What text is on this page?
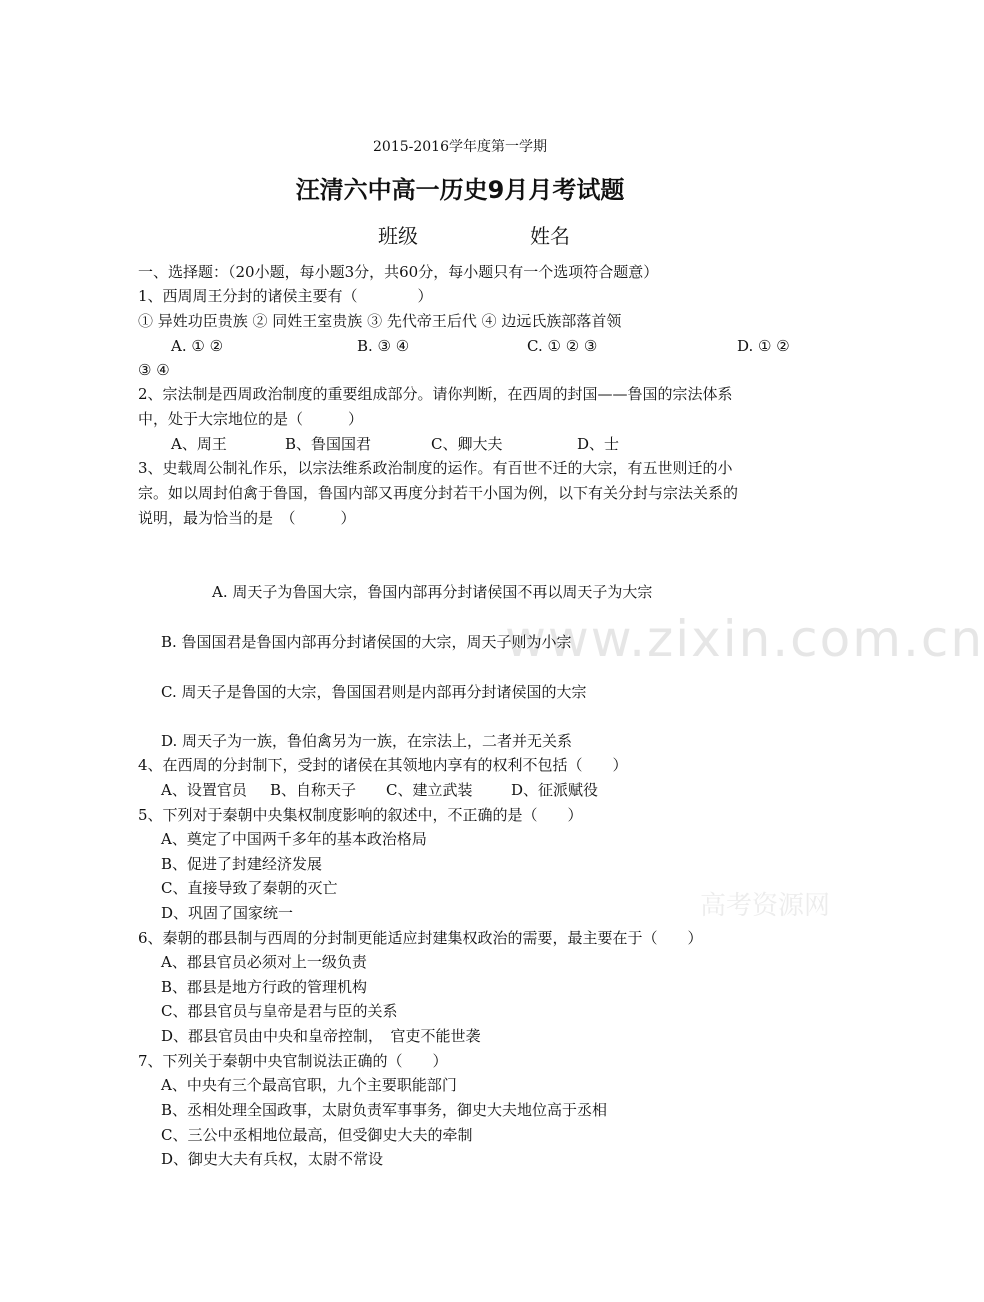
www.zixin.com.cn
高考资源网
2015-2016学年度第一学期
汪清六中高一历史9月月考试题
班级	姓名
一、选择题：（20小题，每小题3分，共60分，每小题只有一个选项符合题意）
1、西周周王分封的诸侯主要有（　　　　）
① 异姓功臣贵族 ② 同姓王室贵族 ③ 先代帝王后代 ④ 边远氏族部落首领
A. ① ②	B. ③ ④	C. ① ② ③	D. ① ②
③ ④
2、宗法制是西周政治制度的重要组成部分。请你判断，在西周的封国——鲁国的宗法体系
中，处于大宗地位的是（　　　）
A、周王	B、鲁国国君	C、卿大夫	D、士
3、史载周公制礼作乐，以宗法维系政治制度的运作。有百世不迁的大宗，有五世则迁的小
宗。如以周封伯禽于鲁国，鲁国内部又再度分封若干小国为例，以下有关分封与宗法关系的
说明，最为恰当的是　（　　　）
A. 周天子为鲁国大宗，鲁国内部再分封诸侯国不再以周天子为大宗
B. 鲁国国君是鲁国内部再分封诸侯国的大宗，周天子则为小宗
C. 周天子是鲁国的大宗，鲁国国君则是内部再分封诸侯国的大宗
D. 周天子为一族，鲁伯禽另为一族，在宗法上，二者并无关系
4、在西周的分封制下，受封的诸侯在其领地内享有的权利不包括（　　）
A、设置官员 B、自称天子 C、建立武装	D、征派赋役
5、下列对于秦朝中央集权制度影响的叙述中，不正确的是（　　）
A、奠定了中国两千多年的基本政治格局
B、促进了封建经济发展
C、直接导致了秦朝的灭亡
D、巩固了国家统一
6、秦朝的郡县制与西周的分封制更能适应封建集权政治的需要，最主要在于（　　）
A、郡县官员必须对上一级负责
B、郡县是地方行政的管理机构
C、郡县官员与皇帝是君与臣的关系
D、郡县官员由中央和皇帝控制，　官吏不能世袭
7、下列关于秦朝中央官制说法正确的（　　）
A、中央有三个最高官职，九个主要职能部门
B、丞相处理全国政事，太尉负责军事事务，御史大夫地位高于丞相
C、三公中丞相地位最高，但受御史大夫的牵制
D、御史大夫有兵权，太尉不常设
